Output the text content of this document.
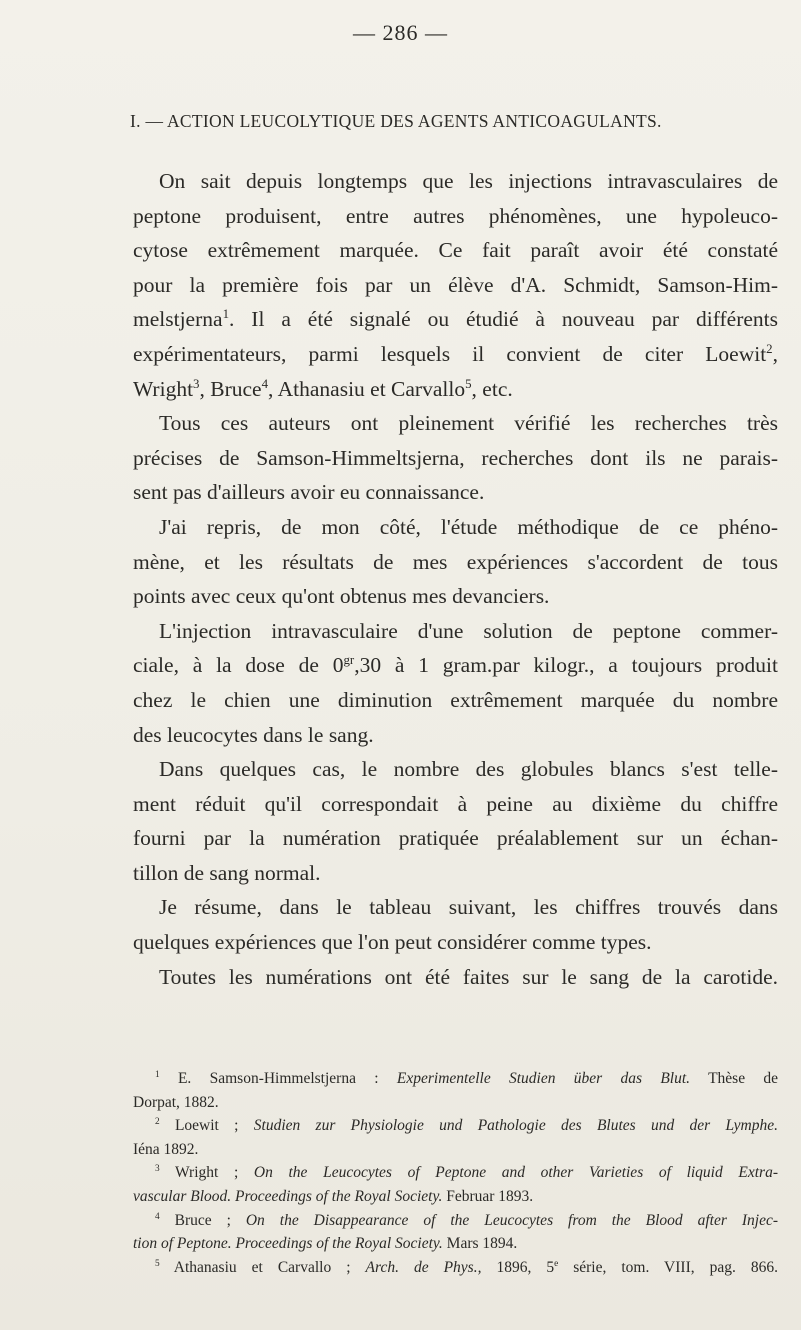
— 286 —
I. — ACTION LEUCOLYTIQUE DES AGENTS ANTICOAGULANTS.
On sait depuis longtemps que les injections intravasculaires de
peptone produisent, entre autres phénomènes, une hypoleuco-
cytose extrêmement marquée. Ce fait paraît avoir été constaté
pour la première fois par un élève d'A. Schmidt, Samson-Him-
melstjerna$^1$. Il a été signalé ou étudié à nouveau par différents
expérimentateurs, parmi lesquels il convient de citer Loewit$^2$,
Wright$^3$, Bruce$^4$, Athanasiu et Carvallo$^5$, etc.
Tous ces auteurs ont pleinement vérifié les recherches très
précises de Samson-Himmeltsjerna, recherches dont ils ne parais-
sent pas d'ailleurs avoir eu connaissance.
J'ai repris, de mon côté, l'étude méthodique de ce phéno-
mène, et les résultats de mes expériences s'accordent de tous
points avec ceux qu'ont obtenus mes devanciers.
L'injection intravasculaire d'une solution de peptone commer-
ciale, à la dose de $0^{gr},30$ à 1 gram.par kilogr., a toujours produit
chez le chien une diminution extrêmement marquée du nombre
des leucocytes dans le sang.
Dans quelques cas, le nombre des globules blancs s'est telle-
ment réduit qu'il correspondait à peine au dixième du chiffre
fourni par la numération pratiquée préalablement sur un échan-
tillon de sang normal.
Je résume, dans le tableau suivant, les chiffres trouvés dans
quelques expériences que l'on peut considérer comme types.
Toutes les numérations ont été faites sur le sang de la carotide.
$^1$ E. Samson-Himmelstjerna : Experimentelle Studien über das Blut. Thèse de
Dorpat, 1882.
$^2$ Loewit ; Studien zur Physiologie und Pathologie des Blutes und der Lymphe.
Iéna 1892.
$^3$ Wright ; On the Leucocytes of Peptone and other Varieties of liquid Extra-
vascular Blood. Proceedings of the Royal Society. Februar 1893.
$^4$ Bruce ; On the Disappearance of the Leucocytes from the Blood after Injec-
tion of Peptone. Proceedings of the Royal Society. Mars 1894.
$^5$ Athanasiu et Carvallo ; Arch. de Phys., 1896, 5e série, tom. VIII, pag. 866.
